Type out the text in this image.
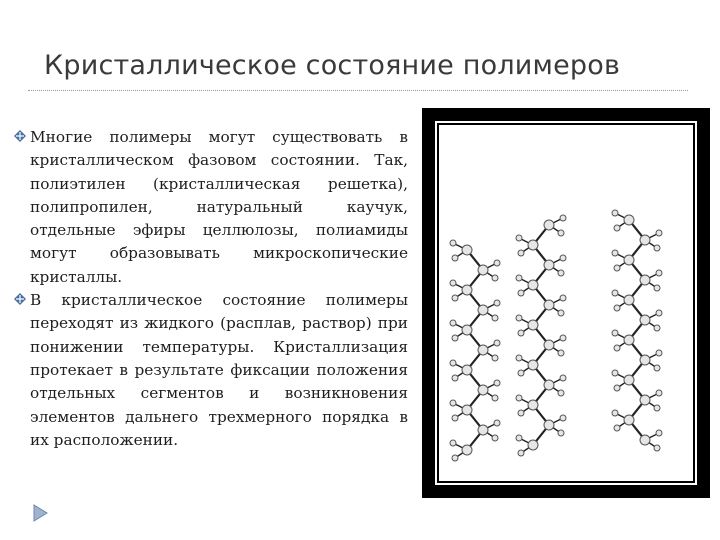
Кристаллическое состояние полимеров
Многие полимеры могут существовать в кристаллическом фазовом состоянии. Так, полиэтилен (кристаллическая решетка), полипропилен, натуральный каучук, отдельные эфиры целлюлозы, полиамиды могут образовывать микроскопические кристаллы.
В кристаллическое состояние полимеры переходят из жидкого (расплав, раствор) при понижении температуры. Кристаллизация протекает в результате фиксации положения отдельных сегментов и возникновения элементов дальнего трехмерного порядка в их расположении.
